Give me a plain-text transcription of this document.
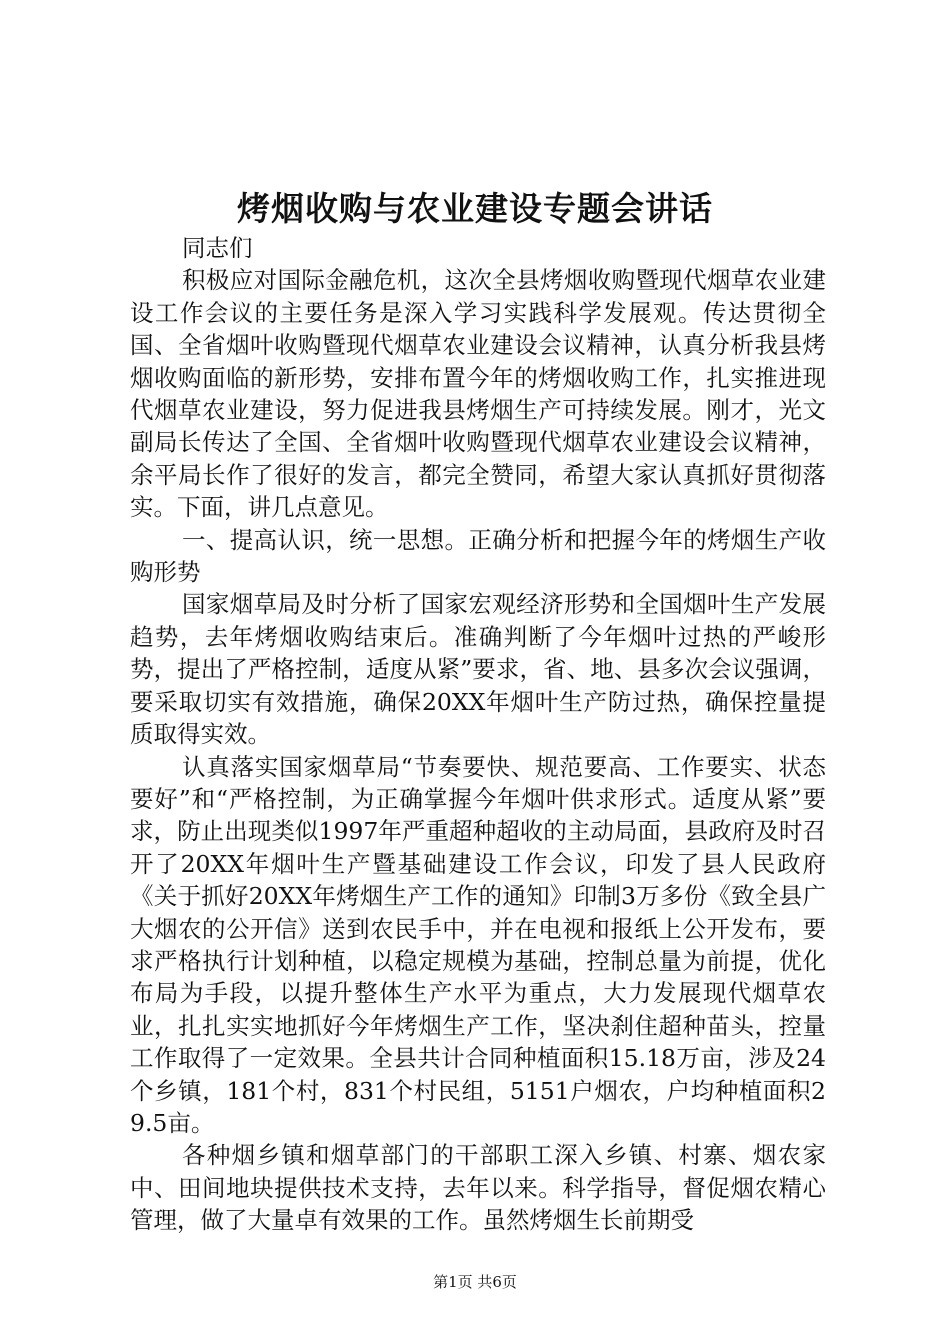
烤烟收购与农业建设专题会讲话

同志们

积极应对国际金融危机，这次全县烤烟收购暨现代烟草农业建设工作会议的主要任务是深入学习实践科学发展观。传达贯彻全国、全省烟叶收购暨现代烟草农业建设会议精神，认真分析我县烤烟收购面临的新形势，安排布置今年的烤烟收购工作，扎实推进现代烟草农业建设，努力促进我县烤烟生产可持续发展。刚才，光文副局长传达了全国、全省烟叶收购暨现代烟草农业建设会议精神，余平局长作了很好的发言，都完全赞同，希望大家认真抓好贯彻落实。下面，讲几点意见。

一、提高认识，统一思想。正确分析和把握今年的烤烟生产收购形势

国家烟草局及时分析了国家宏观经济形势和全国烟叶生产发展趋势，去年烤烟收购结束后。准确判断了今年烟叶过热的严峻形势，提出了严格控制，适度从紧”要求，省、地、县多次会议强调，要采取切实有效措施，确保20XX年烟叶生产防过热，确保控量提质取得实效。

认真落实国家烟草局“节奏要快、规范要高、工作要实、状态要好”和“严格控制，为正确掌握今年烟叶供求形式。适度从紧”要求，防止出现类似1997年严重超种超收的主动局面，县政府及时召开了20XX年烟叶生产暨基础建设工作会议，印发了县人民政府《关于抓好20XX年烤烟生产工作的通知》印制3万多份《致全县广大烟农的公开信》送到农民手中，并在电视和报纸上公开发布，要求严格执行计划种植，以稳定规模为基础，控制总量为前提，优化布局为手段，以提升整体生产水平为重点，大力发展现代烟草农业，扎扎实实地抓好今年烤烟生产工作，坚决刹住超种苗头，控量工作取得了一定效果。全县共计合同种植面积15.18万亩，涉及24个乡镇，181个村，831个村民组，5151户烟农，户均种植面积29.5亩。

各种烟乡镇和烟草部门的干部职工深入乡镇、村寨、烟农家中、田间地块提供技术支持，去年以来。科学指导，督促烟农精心管理，做了大量卓有效果的工作。虽然烤烟生长前期受

第1页 共6页
